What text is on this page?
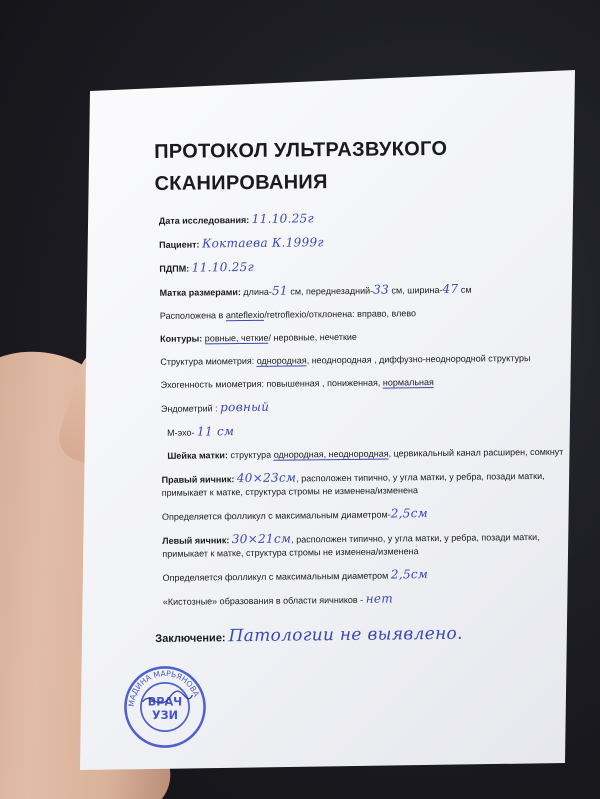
ПРОТОКОЛ УЛЬТРАЗВУКОГО
СКАНИРОВАНИЯ
Дата исследования: 11.10.25г
Пациент: Коктаева К.1999г
ПДПМ: 11.10.25г
Матка размерами: длина-51 см, переднезадний-33 см, ширина-47 см
Расположена в anteflexio/retroflexio/отклонена: вправо, влево
Контуры: ровные, четкие/ неровные, нечеткие
Структура миометрия: однородная, неоднородная , диффузно-неоднородной структуры
Эхогенность миометрия: повышенная , пониженная, нормальная
Эндометрий : ровный
М-эхо- 11 см
Шейка матки: структура однородная, неоднородная, цервикальный канал расширен, сомкнут
Правый яичник: 40×23см, расположен типично, у угла матки, у ребра, позади матки, примыкает к матке, структура стромы не изменена/изменена
Определяется фолликул с максимальным диаметром-2,5см
Левый яичник: 30×21см, расположен типично, у угла матки, у ребра, позади матки, примыкает к матке, структура стромы не изменена/изменена
Определяется фолликул с максимальным диаметром 2,5см
«Кистозные» образования в области яичников - нет
Заключение: Патологии не выявлено.
МАДИНА МАРЬЯНОВА
ВРАЧ
УЗИ
